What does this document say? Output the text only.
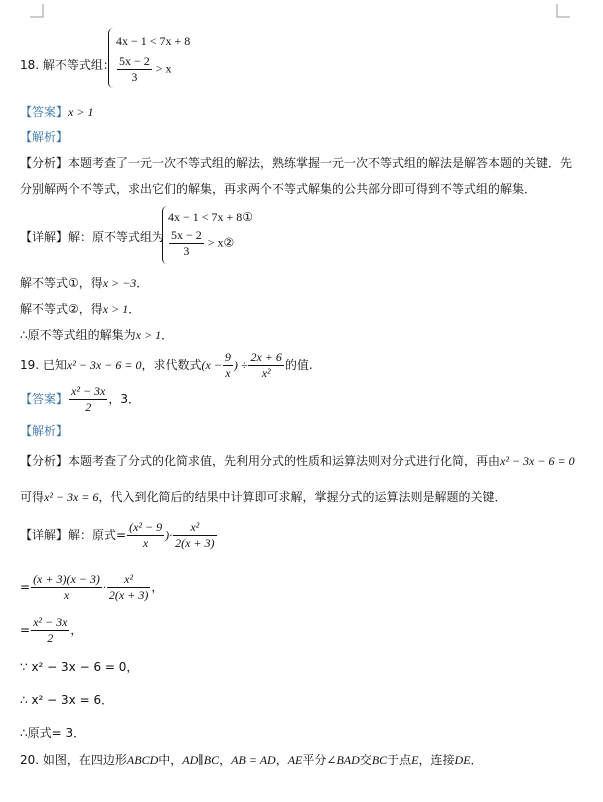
18. 解不等式组：
4x − 1 < 7x + 8
$\frac{5x - 2}{3} > x$
【答案】x > 1
【解析】
【分析】本题考查了一元一次不等式组的解法，熟练掌握一元一次不等式组的解法是解答本题的关键．先
分别解两个不等式，求出它们的解集，再求两个不等式解集的公共部分即可得到不等式组的解集．
【详解】解：原不等式组为
4x − 1 < 7x + 8①
$\frac{5x - 2}{3}$ > x②
解不等式①，得x > −3．
解不等式②，得x > 1．
∴原不等式组的解集为x > 1．
19. 已知x² − 3x − 6 = 0，求代数式($x - \frac{9}{x}$ ) ÷ $\frac{2x + 6}{\text{x²}}$ 的值.
【答案】 $\frac{\text{x² − 3x}}{2}$ ，3．
【解析】
【分析】本题考查了分式的化简求值，先利用分式的性质和运算法则对分式进行化简，再由x² − 3x − 6 = 0
可得x² − 3x = 6，代入到化简后的结果中计算即可求解，掌握分式的运算法则是解题的关键．
【详解】解：原式= $\frac{\text{(x² − 9}}{x}$ )· $\frac{\text{x²}}{2(x + 3)}$
= $\frac{(x + 3)(x - 3)}{x} \cdot \frac{\text{x²}}{2(x + 3)}$ ，
= $\frac{\text{x² − 3x}}{2}$ ，
∵ x² − 3x − 6 = 0，
∴ x² − 3x = 6．
∴原式= 3．
20. 如图，在四边形ABCD中，AD∥BC，AB = AD，AE平分∠BAD交BC于点E，连接DE．
